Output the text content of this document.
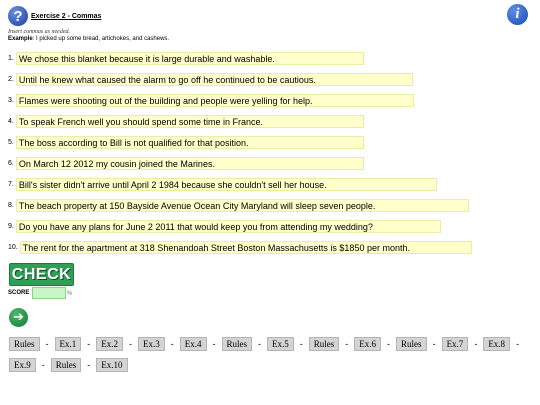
?	Exercise 2 - Commas
Insert commas as needed.
Example: I picked up some bread, artichokes, and cashews.
i
1. We chose this blanket because it is large durable and washable.
2. Until he knew what caused the alarm to go off he continued to be cautious.
3. Flames were shooting out of the building and people were yelling for help.
4. To speak French well you should spend some time in France.
5. The boss according to Bill is not qualified for that position.
6. On March 12 2012 my cousin joined the Marines.
7. Bill's sister didn't arrive until April 2 1984 because she couldn't sell her house.
8. The beach property at 150 Bayside Avenue Ocean City Maryland will sleep seven people.
9. Do you have any plans for June 2 2011 that would keep you from attending my wedding?
10. The rent for the apartment at 318 Shenandoah Street Boston Massachusetts is $1850 per month.
CHECK
SCORE	%
➔
Rules	-	Ex.1	-	Ex.2	-	Ex.3	-	Ex.4	-	Rules	-	Ex.5	-	Rules	-	Ex.6	-	Rules	-	Ex.7	-	Ex.8	-
Ex.9	-	Rules	-	Ex.10
